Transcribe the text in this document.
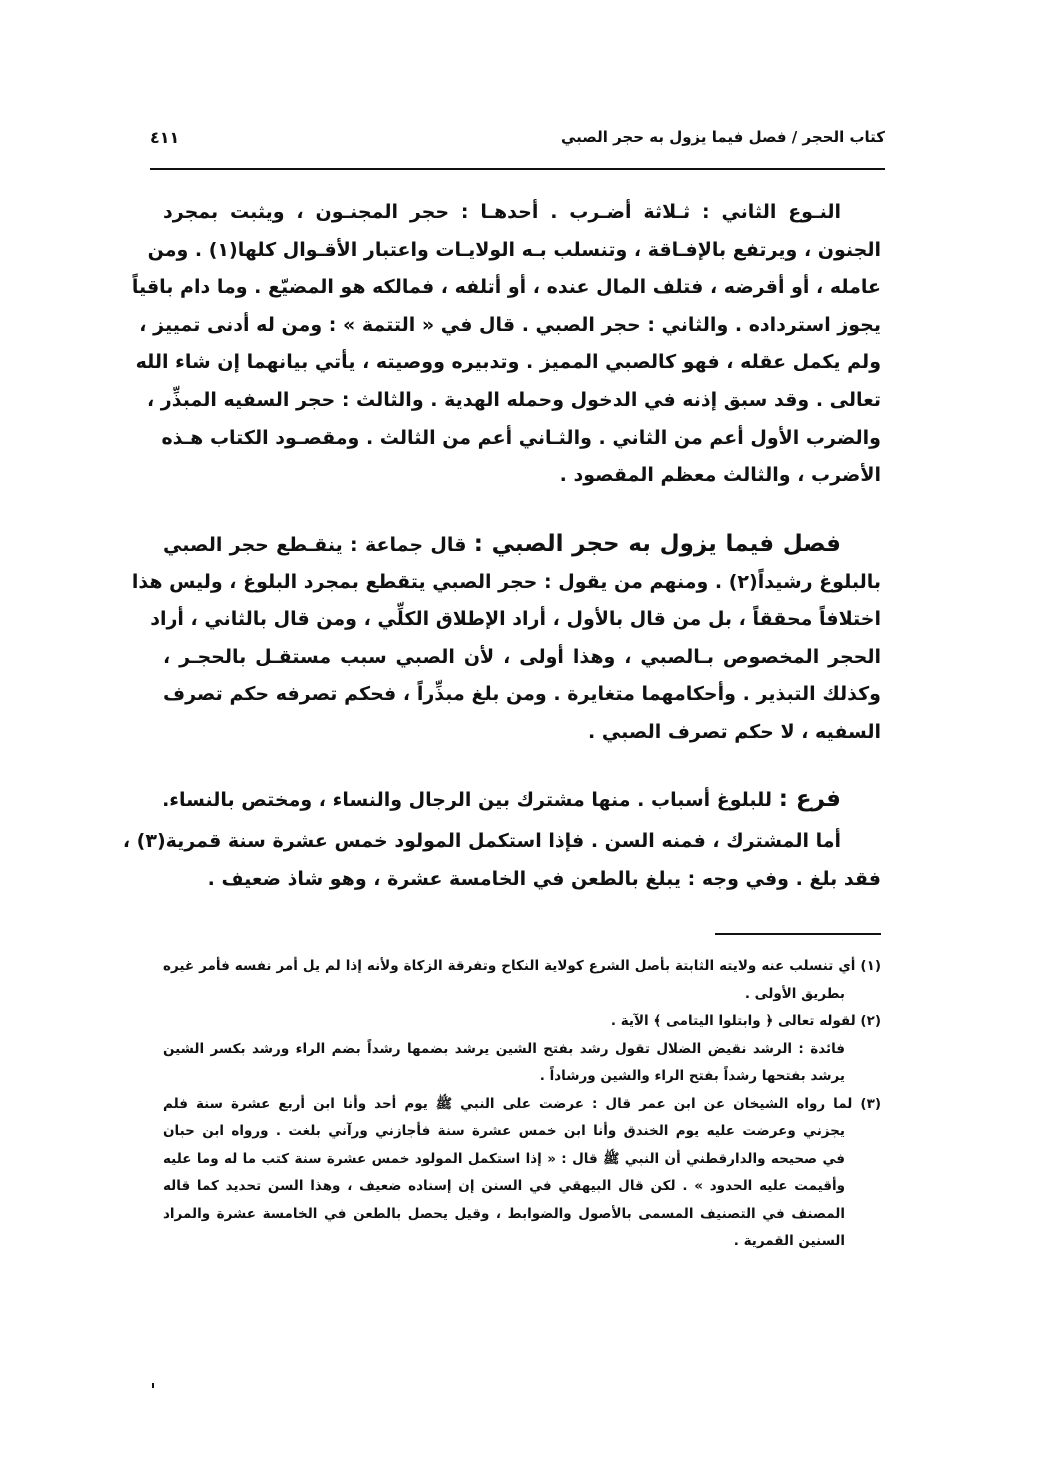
كتاب الحجر / فصل فيما يزول به حجر الصبي
٤١١
النـوع الثاني : ثـلاثة أضـرب . أحدهـا : حجر المجنـون ، ويثبت بمجرد
الجنون ، ويرتفع بالإفـاقة ، وتنسلب بـه الولايـات واعتبار الأقـوال كلها(١) . ومن
عامله ، أو أقرضه ، فتلف المال عنده ، أو أتلفه ، فمالكه هو المضيّع . وما دام باقياً
يجوز استرداده . والثاني : حجر الصبي . قال في « التتمة » : ومن له أدنى تمييز ،
ولم يكمل عقله ، فهو كالصبي المميز . وتدبيره ووصيته ، يأتي بيانهما إن شاء الله
تعالى . وقد سبق إذنه في الدخول وحمله الهدية . والثالث : حجر السفيه المبذِّر ،
والضرب الأول أعم من الثاني . والثـاني أعم من الثالث . ومقصـود الكتاب هـذه
الأضرب ، والثالث معظم المقصود .
فصل فيما يزول به حجر الصبي : قال جماعة : ينقـطع حجر الصبي
بالبلوغ رشيداً(٢) . ومنهم من يقول : حجر الصبي يتقطع بمجرد البلوغ ، وليس هذا
اختلافاً محققاً ، بل من قال بالأول ، أراد الإطلاق الكلِّي ، ومن قال بالثاني ، أراد
الحجر المخصوص بـالصبي ، وهذا أولى ، لأن الصبي سبب مستقـل بالحجـر ،
وكذلك التبذير . وأحكامهما متغايرة . ومن بلغ مبذِّراً ، فحكم تصرفه حكم تصرف
السفيه ، لا حكم تصرف الصبي .
فرع : للبلوغ أسباب . منها مشترك بين الرجال والنساء ، ومختص بالنساء.
أما المشترك ، فمنه السن . فإذا استكمل المولود خمس عشرة سنة قمرية(٣) ،
فقد بلغ . وفي وجه : يبلغ بالطعن في الخامسة عشرة ، وهو شاذ ضعيف .
(١) أي تنسلب عنه ولايته الثابتة بأصل الشرع كولاية النكاح وتفرقة الزكاة ولأنه إذا لم يل أمر نفسه فأمر غيره
بطريق الأولى .
(٢) لقوله تعالى ﴿ وابتلوا اليتامى ﴾ الآية .
فائدة : الرشد نقيض الضلال تقول رشد بفتح الشين يرشد بضمها رشداً بضم الراء ورشد بكسر الشين
يرشد بفتحها رشداً بفتح الراء والشين ورشاداً .
(٣) لما رواه الشيخان عن ابن عمر قال : عرضت على النبي ﷺ يوم أحد وأنا ابن أربع عشرة سنة فلم
يجزني وعرضت عليه يوم الخندق وأنا ابن خمس عشرة سنة فأجازني ورآني بلغت . ورواه ابن حبان
في صحيحه والدارقطني أن النبي ﷺ قال : « إذا استكمل المولود خمس عشرة سنة كتب ما له وما عليه
وأقيمت عليه الحدود » . لكن قال البيهقي في السنن إن إسناده ضعيف ، وهذا السن تحديد كما قاله
المصنف في التصنيف المسمى بالأصول والضوابط ، وقيل يحصل بالطعن في الخامسة عشرة والمراد
السنين القمرية .
